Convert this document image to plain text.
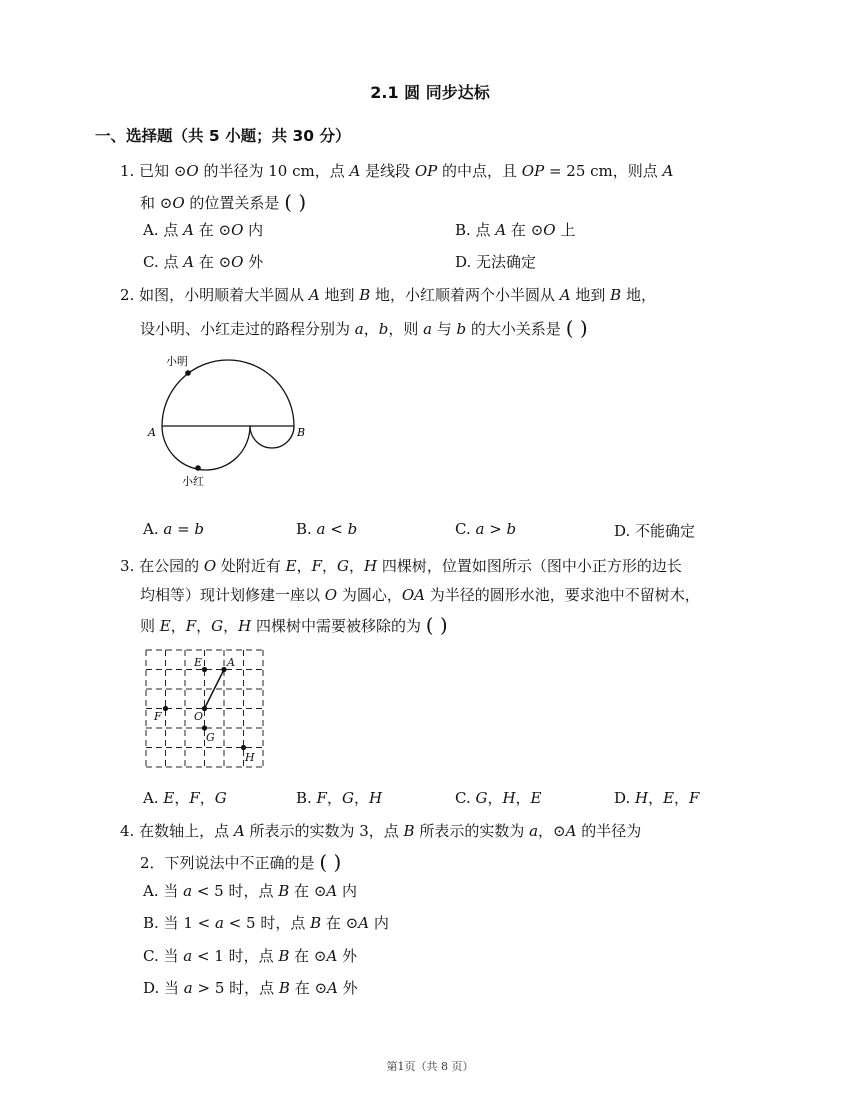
2.1 圆 同步达标
一、选择题（共 5 小题；共 30 分）
1. 已知 ⊙𝑂 的半径为 10 cm，点 𝐴 是线段 𝑂𝑃 的中点，且 𝑂𝑃 = 25 cm，则点 𝐴
和 ⊙𝑂 的位置关系是 ( )
A. 点 𝐴 在 ⊙𝑂 内	B. 点 𝐴 在 ⊙𝑂 上
C. 点 𝐴 在 ⊙𝑂 外	D. 无法确定
2. 如图，小明顺着大半圆从 𝐴 地到 𝐵 地，小红顺着两个小半圆从 𝐴 地到 𝐵 地，
设小明、小红走过的路程分别为 𝑎，𝑏，则 𝑎 与 𝑏 的大小关系是 ( )
小明
小红
A	B
A. 𝑎 = 𝑏	B. 𝑎 < 𝑏	C. 𝑎 > 𝑏	D. 不能确定
3. 在公园的 𝑂 处附近有 𝐸，𝐹，𝐺，𝐻 四棵树，位置如图所示（图中小正方形的边长
均相等）现计划修建一座以 𝑂 为圆心，𝑂𝐴 为半径的圆形水池，要求池中不留树木，
则 𝐸，𝐹，𝐺，𝐻 四棵树中需要被移除的为 ( )
E A
F	O
G
H
A. 𝐸，𝐹，𝐺	B. 𝐹，𝐺，𝐻	C. 𝐺，𝐻，𝐸	D. 𝐻，𝐸，𝐹
4. 在数轴上，点 𝐴 所表示的实数为 3，点 𝐵 所表示的实数为 𝑎，⊙𝐴 的半径为
2．下列说法中不正确的是 ( )
A. 当 𝑎 < 5 时，点 𝐵 在 ⊙𝐴 内
B. 当 1 < 𝑎 < 5 时，点 𝐵 在 ⊙𝐴 内
C. 当 𝑎 < 1 时，点 𝐵 在 ⊙𝐴 外
D. 当 𝑎 > 5 时，点 𝐵 在 ⊙𝐴 外
第1页（共 8 页）
